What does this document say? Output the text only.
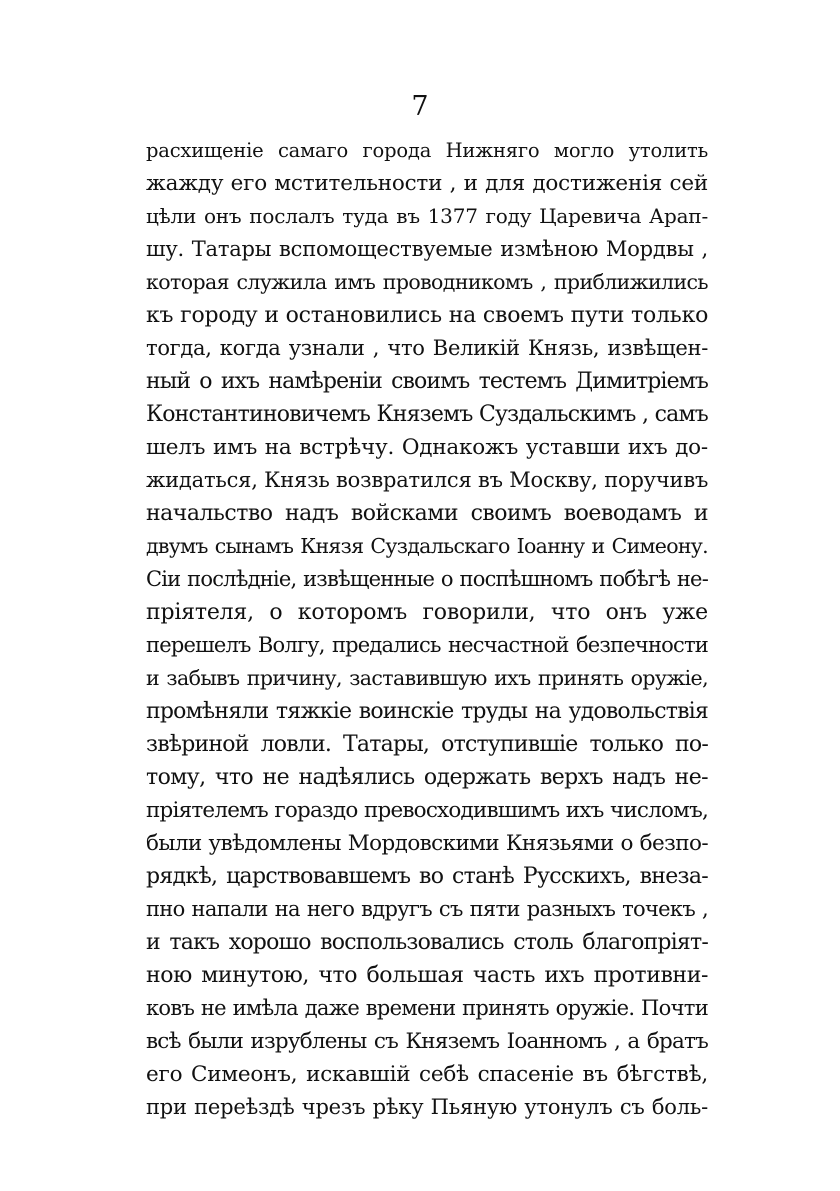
7
расхищеніе самаго города Нижняго могло утолить
жажду его мстительности , и для достиженія сей
цѣли онъ послалъ туда въ 1377 году Царевича Арап-
шу. Татары вспомоществуемые измѣною Мордвы ,
которая служила имъ проводникомъ , приближились
къ городу и остановились на своемъ пути только
тогда, когда узнали , что Великій Князь, извѣщен-
ный о ихъ намѣреніи своимъ тестемъ Димитріемъ
Константиновичемъ Княземъ Суздальскимъ , самъ
шелъ имъ на встрѣчу. Однакожъ уставши ихъ до-
жидаться, Князь возвратился въ Москву, поручивъ
начальство надъ войсками своимъ воеводамъ и
двумъ сынамъ Князя Суздальскаго Іоанну и Симеону.
Сіи послѣдніе, извѣщенные о поспѣшномъ побѣгѣ не-
пріятеля, о которомъ говорили, что онъ уже
перешелъ Волгу, предались несчастной безпечности
и забывъ причину, заставившую ихъ принять оружіе,
промѣняли тяжкіе воинскіе труды на удовольствія
звѣриной ловли. Татары, отступившіе только по-
тому, что не надѣялись одержать верхъ надъ не-
пріятелемъ гораздо превосходившимъ ихъ числомъ,
были увѣдомлены Мордовскими Князьями о безпо-
рядкѣ, царствовавшемъ во станѣ Русскихъ, внеза-
пно напали на него вдругъ съ пяти разныхъ точекъ ,
и такъ хорошо воспользовались столь благопріят-
ною минутою, что большая часть ихъ противни-
ковъ не имѣла даже времени принять оружіе. Почти
всѣ были изрублены съ Княземъ Іоанномъ , а братъ
его Симеонъ, искавшій себѣ спасеніе въ бѣгствѣ,
при переѣздѣ чрезъ рѣку Пьяную утонулъ съ боль-
